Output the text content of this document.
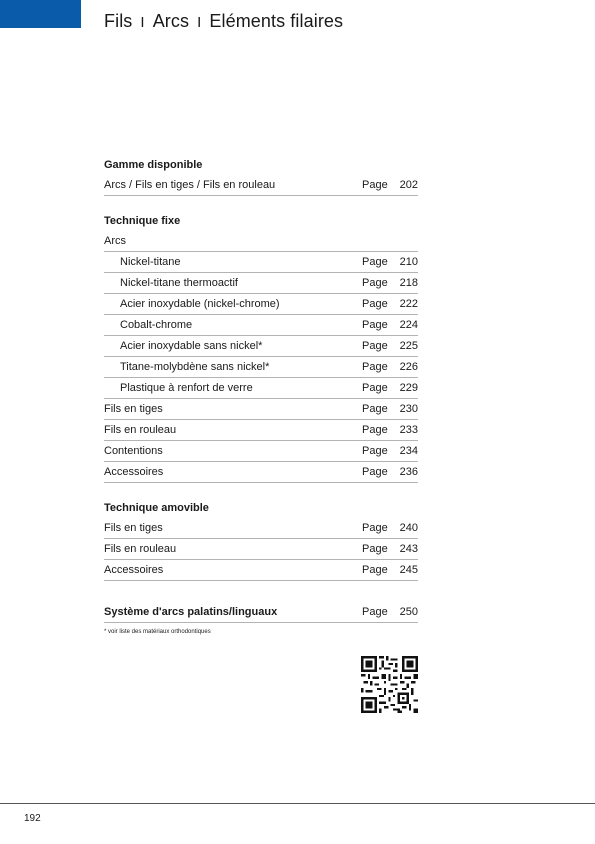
Fils I Arcs I Eléments filaires
Gamme disponible
Arcs / Fils en tiges / Fils en rouleau	Page 202
Technique fixe
Arcs
Nickel-titane	Page 210
Nickel-titane thermoactif	Page 218
Acier inoxydable (nickel-chrome)	Page 222
Cobalt-chrome	Page 224
Acier inoxydable sans nickel*	Page 225
Titane-molybdène sans nickel*	Page 226
Plastique à renfort de verre	Page 229
Fils en tiges	Page 230
Fils en rouleau	Page 233
Contentions	Page 234
Accessoires	Page 236
Technique amovible
Fils en tiges	Page 240
Fils en rouleau	Page 243
Accessoires	Page 245
Système d'arcs palatins/linguaux	Page 250
* voir liste des matériaux orthodontiques
192
